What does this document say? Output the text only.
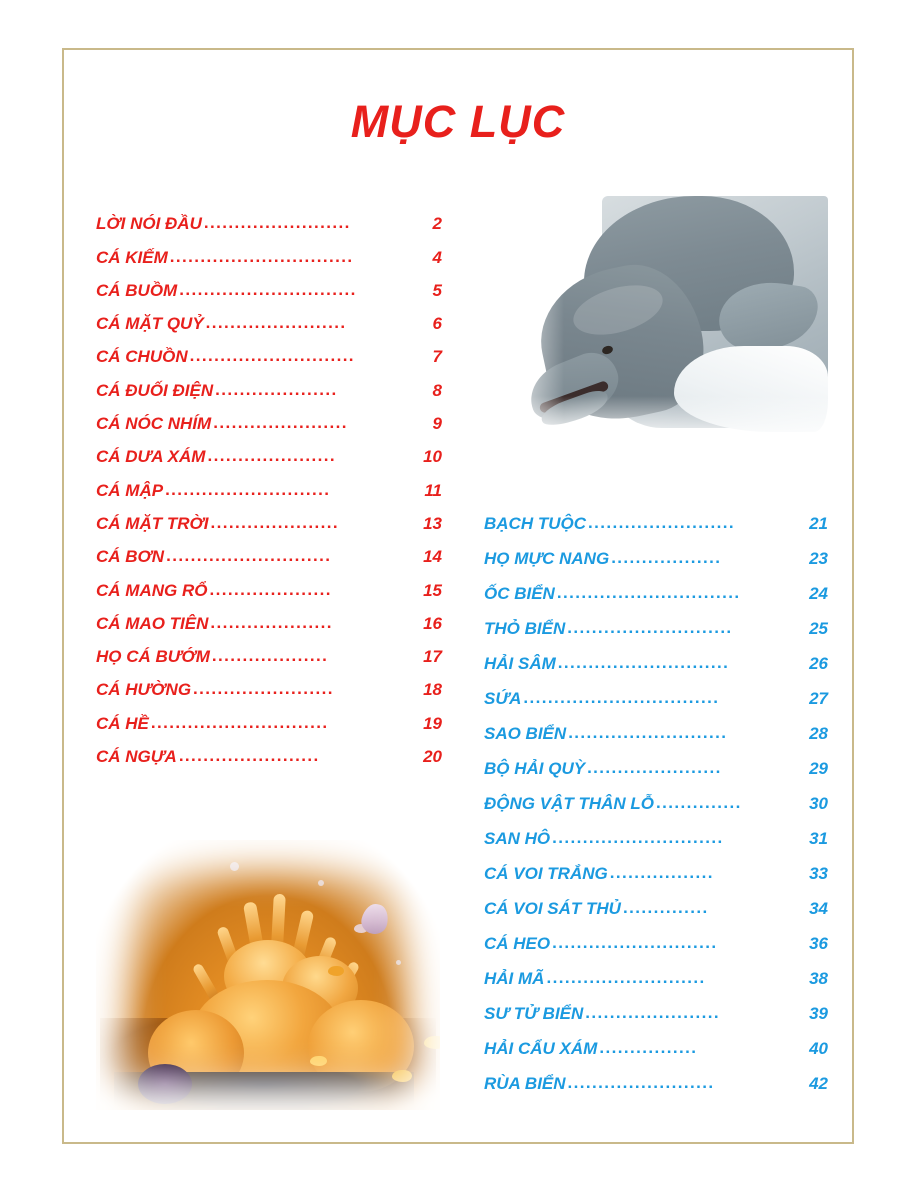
MỤC LỤC
LỜI NÓI ĐẦU ........................	2
CÁ KIẾM ..............................	4
CÁ BUỒM .............................	5
CÁ MẶT QUỶ .......................	6
CÁ CHUỒN ...........................	7
CÁ ĐUỐI ĐIỆN ....................	8
CÁ NÓC NHÍM ......................	9
CÁ DƯA XÁM .....................	10
CÁ MẬP ...........................	11
CÁ MẶT TRỜI .....................	13
CÁ BƠN ...........................	14
CÁ MANG RỔ ....................	15
CÁ MAO TIÊN ....................	16
HỌ CÁ BƯỚM ...................	17
CÁ HƯỜNG .......................	18
CÁ HỀ .............................	19
CÁ NGỰA .......................	20
BẠCH TUỘC ........................	21
HỌ MỰC NANG ..................	23
ỐC BIỂN ..............................	24
THỎ BIỂN ...........................	25
HẢI SÂM ............................	26
SỨA ................................	27
SAO BIỂN ..........................	28
BỘ HẢI QUỲ ......................	29
ĐỘNG VẬT THÂN LỖ ..............	30
SAN HÔ ............................	31
CÁ VOI TRẮNG .................	33
CÁ VOI SÁT THỦ ..............	34
CÁ HEO ...........................	36
HẢI MÃ ..........................	38
SƯ TỬ BIỂN ......................	39
HẢI CẨU XÁM ................	40
RÙA BIỂN ........................	42
